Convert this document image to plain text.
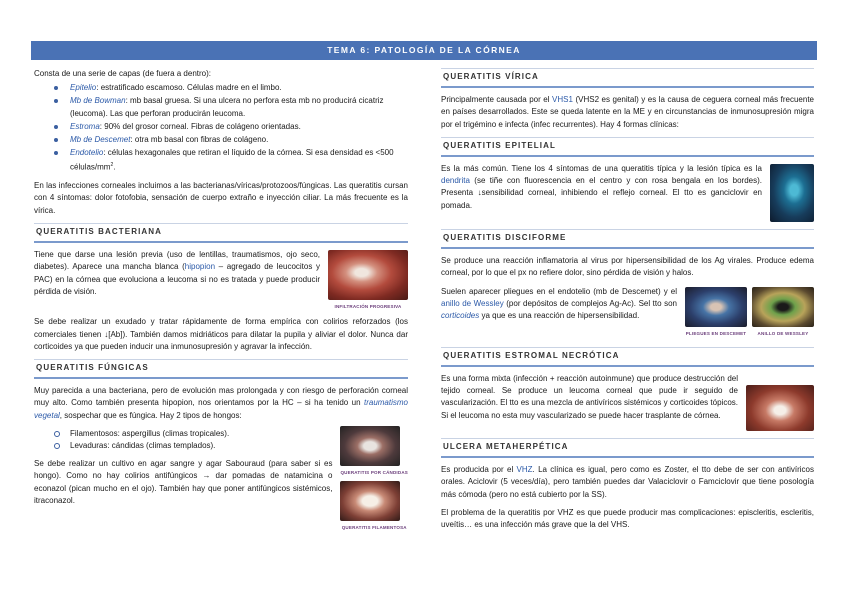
TEMA 6: PATOLOGÍA DE LA CÓRNEA

Consta de una serie de capas (de fuera a dentro):

Epitelio: estratificado escamoso. Células madre en el limbo.
Mb de Bowman: mb basal gruesa. Si una ulcera no perfora esta mb no producirá cicatriz (leucoma). Las que perforan producirán leucoma.
Estroma: 90% del grosor corneal. Fibras de colágeno orientadas.
Mb de Descemet: otra mb basal con fibras de colágeno.
Endotelio: células hexagonales que retiran el líquido de la córnea. Si esa densidad es <500 células/$mm^2$.

En las infecciones corneales incluimos a las bacterianas/víricas/protozoos/fúngicas. Las queratitis cursan con 4 síntomas: dolor fotofobia, sensación de cuerpo extraño e inyección ciliar. La más frecuente es la vírica.

QUERATITIS BACTERIANA
INFILTRACIÓN PROGRESIVA

Tiene que darse una lesión previa (uso de lentillas, traumatismos, ojo seco, diabetes). Aparece una mancha blanca (hipopion – agregado de leucocitos y PAC) en la córnea que evoluciona a leucoma si no es tratada y puede producir pérdida de visión.

Se debe realizar un exudado y tratar rápidamente de forma empírica con colirios reforzados (los comerciales tienen ↓[Ab]). También damos midriáticos para dilatar la pupila y aliviar el dolor. Nunca dar corticoides ya que pueden inducir una inmunosupresión y agravar la infección.

QUERATITIS FÚNGICAS

Muy parecida a una bacteriana, pero de evolución mas prolongada y con riesgo de perforación corneal muy alto. Como también presenta hipopion, nos orientamos por la HC – si ha tenido un traumatismo vegetal, sospechar que es fúngica. Hay 2 tipos de hongos:

QUERATITIS POR CÁNDIDAS
QUERATITIS FILAMENTOSA
Filamentosos: aspergillus (climas tropicales).
Levaduras: cándidas (climas templados).

Se debe realizar un cultivo en agar sangre y agar Sabouraud (para saber si es hongo). Como no hay colirios antifúngicos → dar pomadas de natamicina o econazol (pican mucho en el ojo). También hay que poner antifúngicos sistémicos, itraconazol.

QUERATITIS VÍRICA

Principalmente causada por el VHS1 (VHS2 es genital) y es la causa de ceguera corneal más frecuente en países desarrollados. Este se queda latente en la ME y en circunstancias de inmunosupresión migra por el trigémino e infecta (infec recurrentes). Hay 4 formas clínicas:

QUERATITIS EPITELIAL

Es la más común. Tiene los 4 síntomas de una queratitis típica y la lesión típica es la dendrita (se tiñe con fluorescencia en el centro y con rosa bengala en los bordes). Presenta ↓sensibilidad corneal, inhibiendo el reflejo corneal. El tto es ganciclovir en pomada.

QUERATITIS DISCIFORME

Se produce una reacción inflamatoria al virus por hipersensibilidad de los Ag virales. Produce edema corneal, por lo que el px no refiere dolor, sino pérdida de visión y halos.

PLIEGUES EN DESCEMET	ANILLO DE WESSLEY

Suelen aparecer pliegues en el endotelio (mb de Descemet) y el anillo de Wessley (por depósitos de complejos Ag-Ac). Sel tto son corticoides ya que es una reacción de hipersensibilidad.

QUERATITIS ESTROMAL NECRÓTICA

Es una forma mixta (infección + reacción autoinmune) que produce destrucción del tejido corneal. Se produce un leucoma corneal que pude ir seguido de vascularización. El tto es una mezcla de antivíricos sistémicos y corticoides tópicos. Si el leucoma no esta muy vascularizado se puede hacer trasplante de córnea.

ULCERA METAHERPÉTICA

Es producida por el VHZ. La clínica es igual, pero como es Zoster, el tto debe de ser con antivíricos orales. Aciclovir (5 veces/día), pero también puedes dar Valaciclovir o Famciclovir que tiene posología más cómoda (pero no está cubierto por la SS).

El problema de la queratitis por VHZ es que puede producir mas complicaciones: episcleritis, escleritis, uveítis… es una infección más grave que la del VHS.
